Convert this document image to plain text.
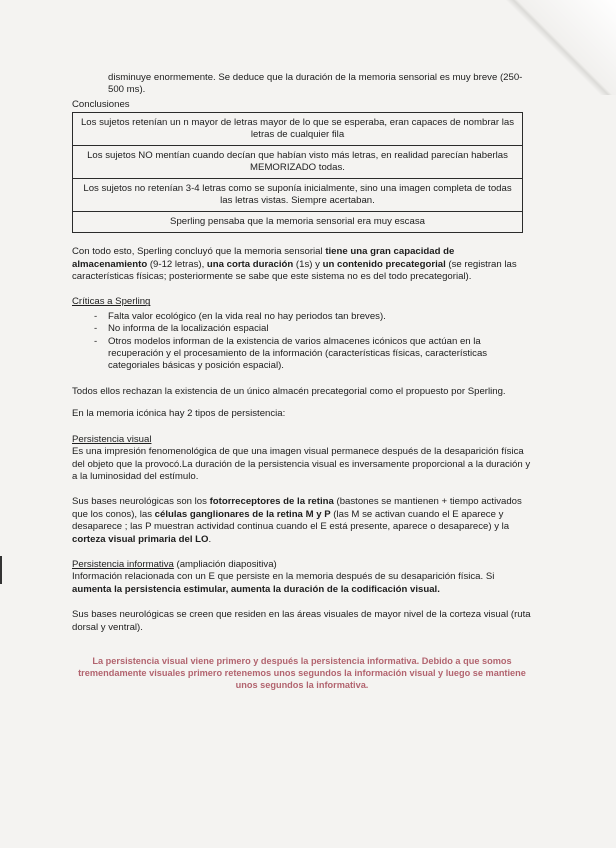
disminuye enormemente. Se deduce que la duración de la memoria sensorial es muy breve (250-500 ms).

Conclusiones

Los sujetos retenían un n mayor de letras mayor de lo que se esperaba, eran capaces de nombrar las letras de cualquier fila
Los sujetos NO mentían cuando decían que habían visto más letras, en realidad parecían haberlas MEMORIZADO todas.
Los sujetos no retenían 3-4 letras como se suponía inicialmente, sino una imagen completa de todas las letras vistas. Siempre acertaban.
Sperling pensaba que la memoria sensorial era muy escasa

Con todo esto, Sperling concluyó que la memoria sensorial tiene una gran capacidad de almacenamiento (9-12 letras), una corta duración (1s) y un contenido precategorial (se registran las características físicas; posteriormente se sabe que este sistema no es del todo precategorial).

Críticas a Sperling

- Falta valor ecológico (en la vida real no hay periodos tan breves).
- No informa de la localización espacial
- Otros modelos informan de la existencia de varios almacenes icónicos que actúan en la recuperación y el procesamiento de la información (características físicas, características categoriales básicas y posición espacial).

Todos ellos rechazan la existencia de un único almacén precategorial como el propuesto por Sperling.

En la memoria icónica hay 2 tipos de persistencia:

Persistencia visual

Es una impresión fenomenológica de que una imagen visual permanece después de la desaparición física del objeto que la provocó.La duración de la persistencia visual es inversamente proporcional a la duración y a la luminosidad del estímulo.

Sus bases neurológicas son los fotorreceptores de la retina (bastones se mantienen + tiempo activados que los conos), las células ganglionares de la retina M y P (las M se activan cuando el E aparece y desaparece ; las P muestran actividad continua cuando el E está presente, aparece o desaparece) y la corteza visual primaria del LO.

Persistencia informativa (ampliación diapositiva)

Información relacionada con un E que persiste en la memoria después de su desaparición física. Si aumenta la persistencia estimular, aumenta la duración de la codificación visual.

Sus bases neurológicas se creen que residen en las áreas visuales de mayor nivel de la corteza visual (ruta dorsal y ventral).

La persistencia visual viene primero y después la persistencia informativa. Debido a que somos tremendamente visuales primero retenemos unos segundos la información visual y luego se mantiene unos segundos la informativa.
